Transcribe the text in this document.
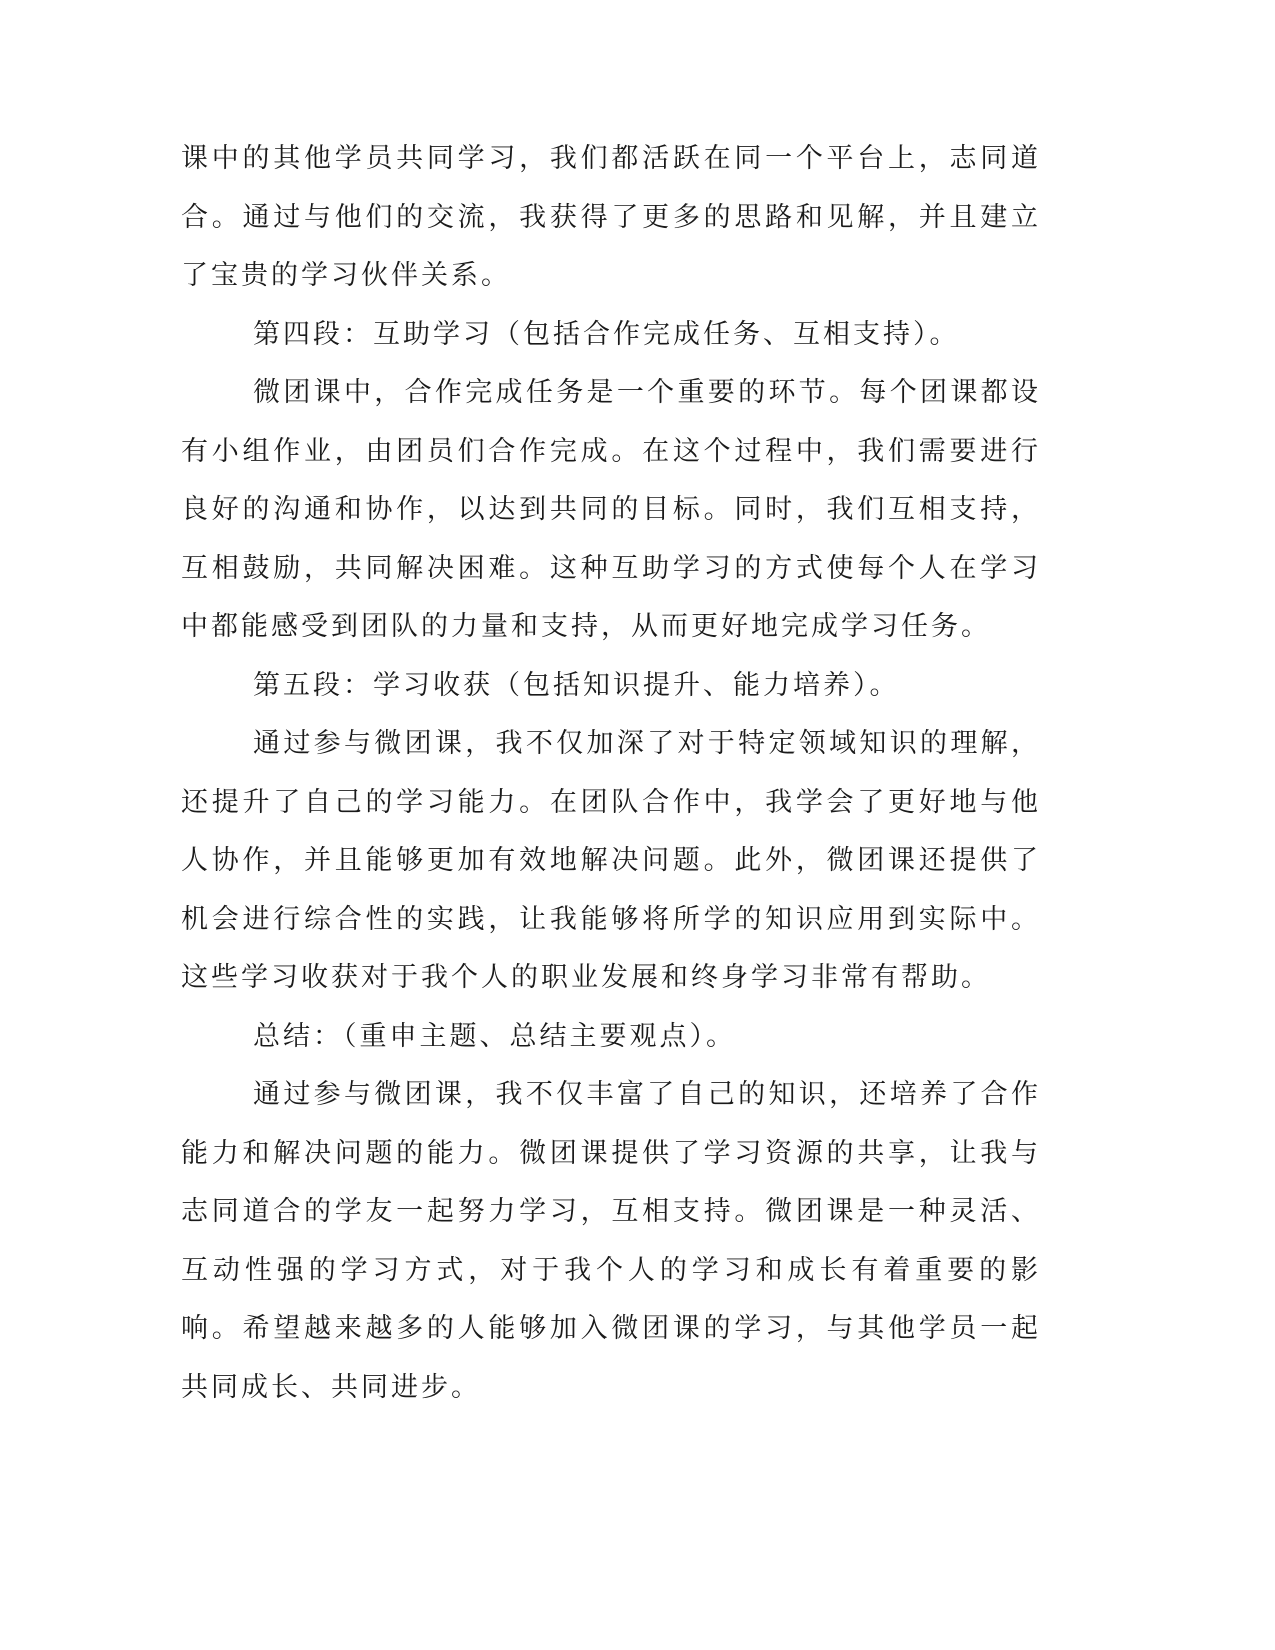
课中的其他学员共同学习，我们都活跃在同一个平台上，志同道合。通过与他们的交流，我获得了更多的思路和见解，并且建立了宝贵的学习伙伴关系。

第四段：互助学习（包括合作完成任务、互相支持）。

微团课中，合作完成任务是一个重要的环节。每个团课都设有小组作业，由团员们合作完成。在这个过程中，我们需要进行良好的沟通和协作，以达到共同的目标。同时，我们互相支持，互相鼓励，共同解决困难。这种互助学习的方式使每个人在学习中都能感受到团队的力量和支持，从而更好地完成学习任务。

第五段：学习收获（包括知识提升、能力培养）。

通过参与微团课，我不仅加深了对于特定领域知识的理解，还提升了自己的学习能力。在团队合作中，我学会了更好地与他人协作，并且能够更加有效地解决问题。此外，微团课还提供了机会进行综合性的实践，让我能够将所学的知识应用到实际中。这些学习收获对于我个人的职业发展和终身学习非常有帮助。

总结：（重申主题、总结主要观点）。

通过参与微团课，我不仅丰富了自己的知识，还培养了合作能力和解决问题的能力。微团课提供了学习资源的共享，让我与志同道合的学友一起努力学习，互相支持。微团课是一种灵活、互动性强的学习方式，对于我个人的学习和成长有着重要的影响。希望越来越多的人能够加入微团课的学习，与其他学员一起共同成长、共同进步。
